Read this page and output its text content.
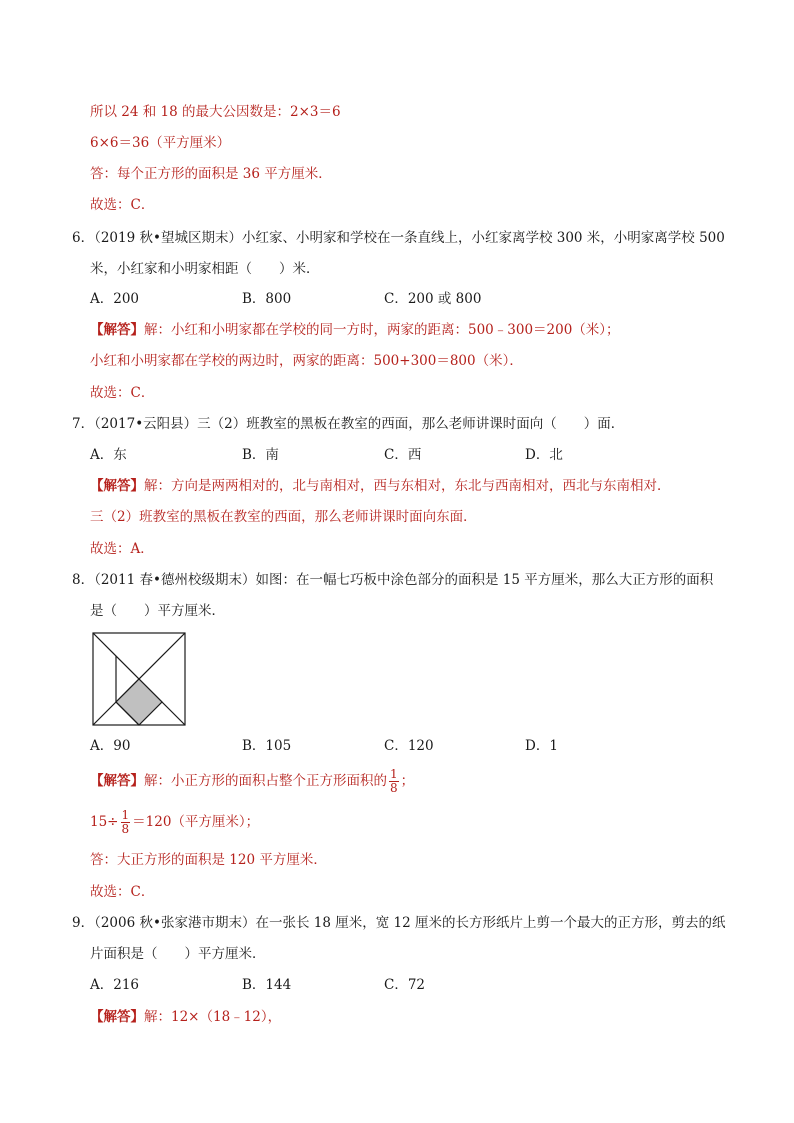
所以 24 和 18 的最大公因数是：2×3＝6
6×6＝36（平方厘米）
答：每个正方形的面积是 36 平方厘米．
故选：C．
6．（2019 秋•望城区期末）小红家、小明家和学校在一条直线上，小红家离学校 300 米，小明家离学校 500
米，小红家和小明家相距（　　）米．
A．200	B．800	C．200 或 800
【解答】解：小红和小明家都在学校的同一方时，两家的距离：500﹣300＝200（米）；
小红和小明家都在学校的两边时，两家的距离：500+300＝800（米）．
故选：C．
7．（2017•云阳县）三（2）班教室的黑板在教室的西面，那么老师讲课时面向（　　）面．
A．东	B．南	C．西	D．北
【解答】解：方向是两两相对的，北与南相对，西与东相对，东北与西南相对，西北与东南相对．
三（2）班教室的黑板在教室的西面，那么老师讲课时面向东面．
故选：A．
8．（2011 春•德州校级期末）如图：在一幅七巧板中涂色部分的面积是 15 平方厘米，那么大正方形的面积
是（　　）平方厘米．
A．90	B．105	C．120	D．1
【解答】解：小正方形的面积占整个正方形面积的 $\frac{1}{8}$ ；
$15\div \frac{1}{8} =120$（平方厘米）；
答：大正方形的面积是 120 平方厘米．
故选：C．
9．（2006 秋•张家港市期末）在一张长 18 厘米，宽 12 厘米的长方形纸片上剪一个最大的正方形，剪去的纸
片面积是（　　）平方厘米．
A．216	B．144	C．72
【解答】解：12×（18﹣12），
